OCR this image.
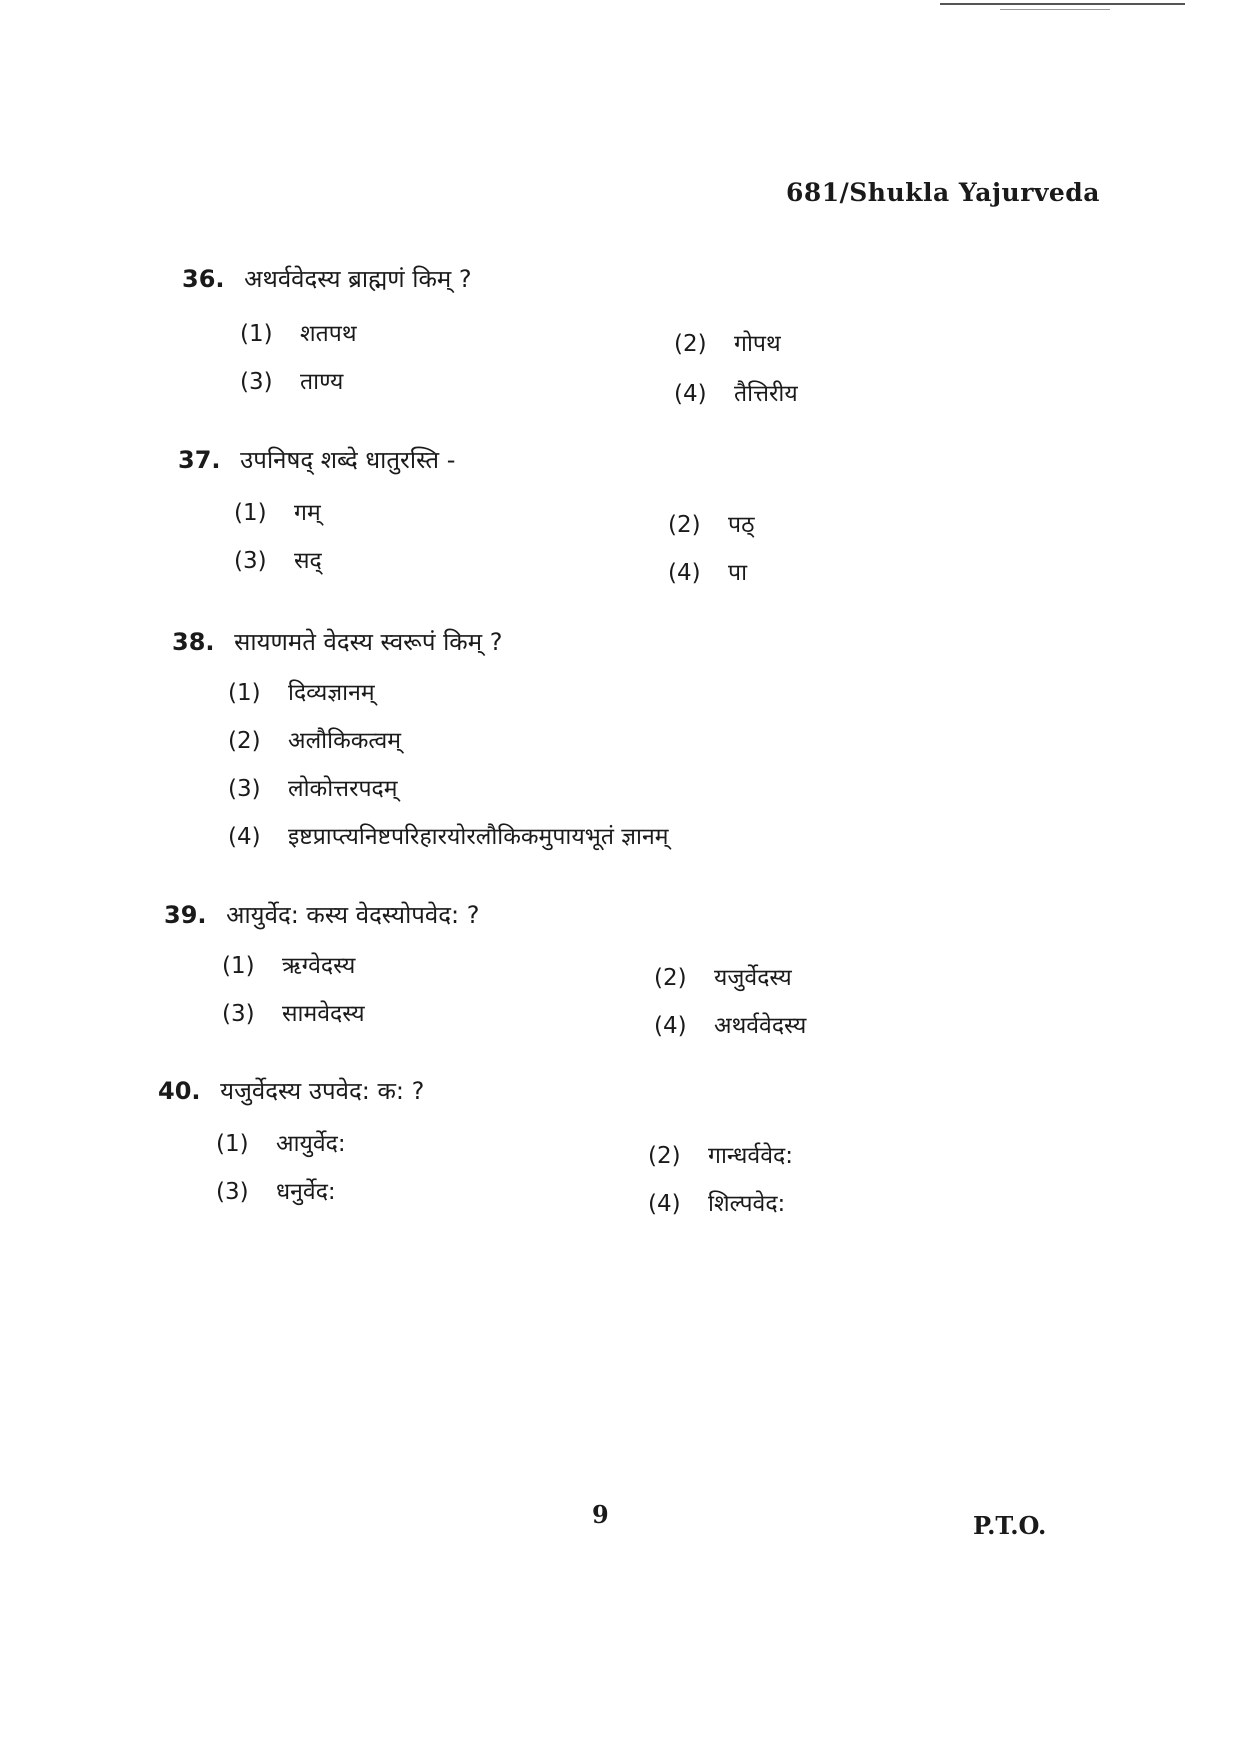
681/Shukla Yajurveda
36. अथर्ववेदस्य ब्राह्मणं किम् ?
(1) शतपथ	(2) गोपथ
(3) ताण्य	(4) तैत्तिरीय
37. उपनिषद् शब्दे धातुरस्ति -
(1) गम्	(2) पठ्
(3) सद्	(4) पा
38. सायणमते वेदस्य स्वरूपं किम् ?
(1) दिव्यज्ञानम्
(2) अलौकिकत्वम्
(3) लोकोत्तरपदम्
(4) इष्टप्राप्त्यनिष्टपरिहारयोरलौकिकमुपायभूतं ज्ञानम्
39. आयुर्वेद: कस्य वेदस्योपवेद: ?
(1) ऋग्वेदस्य	(2) यजुर्वेदस्य
(3) सामवेदस्य	(4) अथर्ववेदस्य
40. यजुर्वेदस्य उपवेद: क: ?
(1) आयुर्वेद:	(2) गान्धर्ववेद:
(3) धनुर्वेद:	(4) शिल्पवेद:
9	P.T.O.
